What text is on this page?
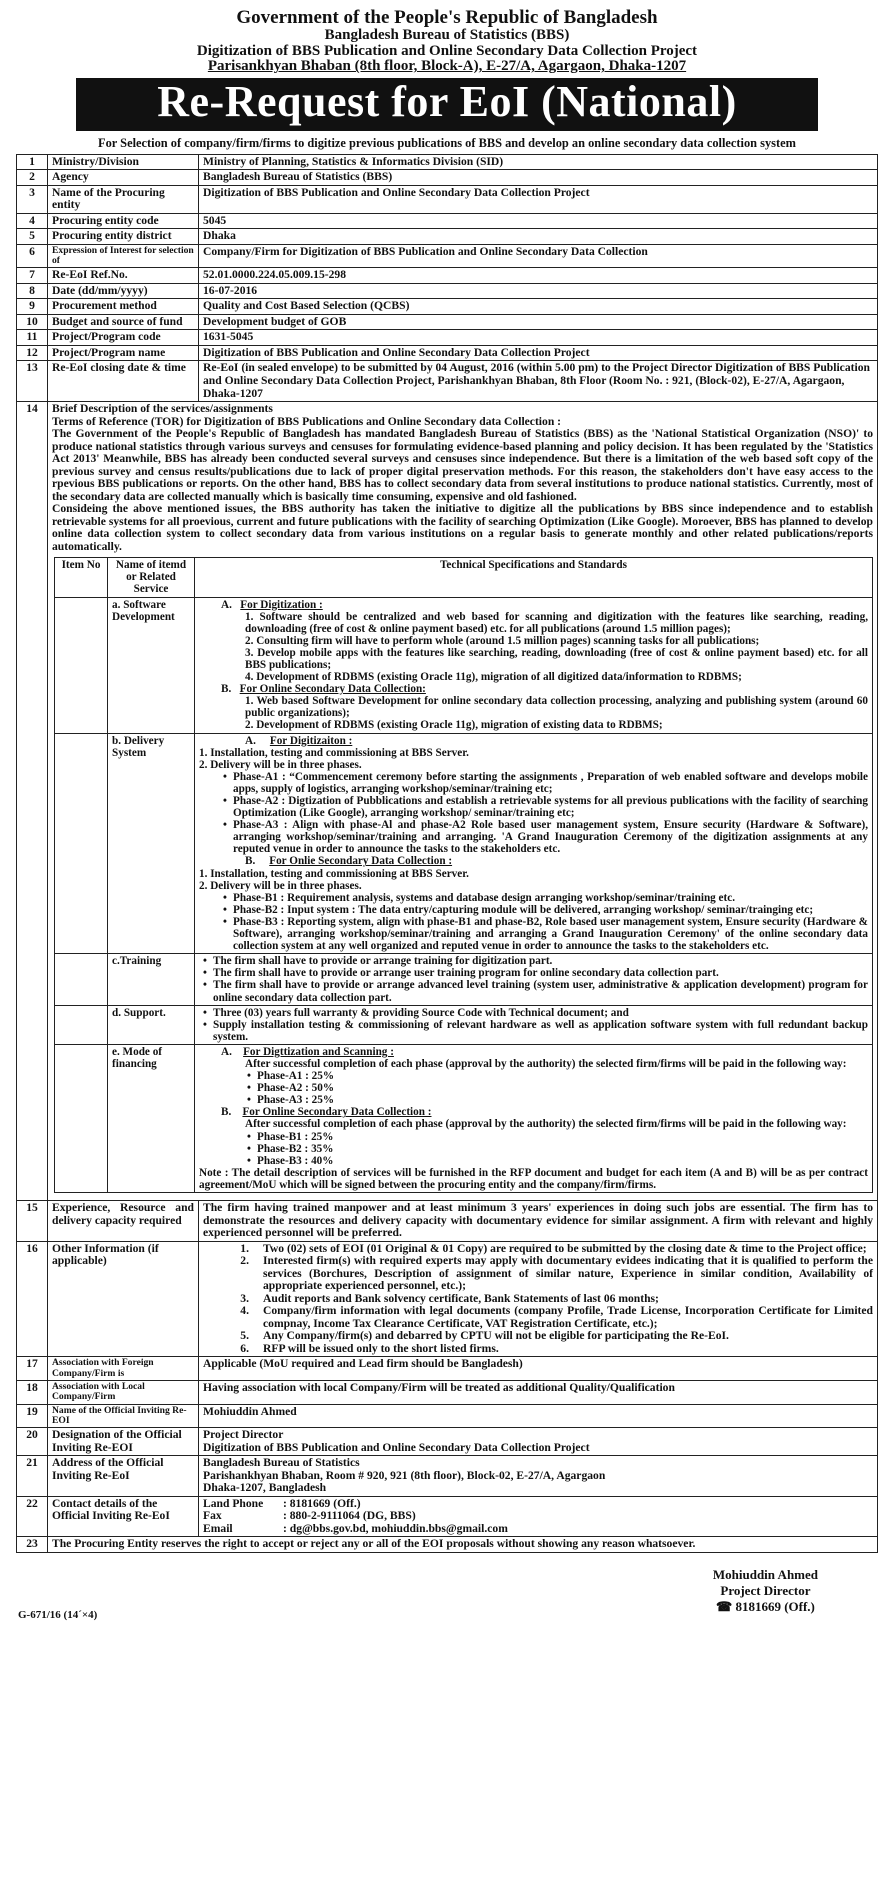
Government of the People's Republic of Bangladesh
Bangladesh Bureau of Statistics (BBS)
Digitization of BBS Publication and Online Secondary Data Collection Project
Parisankhyan Bhaban (8th floor, Block-A), E-27/A, Agargaon, Dhaka-1207
Re-Request for EoI (National)
For Selection of company/firm/firms to digitize previous publications of BBS and develop an online secondary data collection system
1	Ministry/Division	Ministry of Planning, Statistics & Informatics Division (SID)
2	Agency	Bangladesh Bureau of Statistics (BBS)
3	Name of the Procuring entity	Digitization of BBS Publication and Online Secondary Data Collection Project
4	Procuring entity code	5045
5	Procuring entity district	Dhaka
6	Expression of Interest for selection of	Company/Firm for Digitization of BBS Publication and Online Secondary Data Collection
7	Re-EoI Ref.No.	52.01.0000.224.05.009.15-298
8	Date (dd/mm/yyyy)	16-07-2016
9	Procurement method	Quality and Cost Based Selection (QCBS)
10	Budget and source of fund	Development budget of GOB
11	Project/Program code	1631-5045
12	Project/Program name	Digitization of BBS Publication and Online Secondary Data Collection Project
13	Re-EoI closing date & time	Re-EoI (in sealed envelope) to be submitted by 04 August, 2016 (within 5.00 pm) to the Project Director Digitization of BBS Publication and Online Secondary Data Collection Project, Parishankhyan Bhaban, 8th Floor (Room No. : 921, (Block-02), E-27/A, Agargaon, Dhaka-1207
14	Brief Description of the services/assignments
Terms of Reference (TOR) for Digitization of BBS Publications and Online Secondary data Collection :

The Government of the People's Republic of Bangladesh has mandated Bangladesh Bureau of Statistics (BBS) as the 'National Statistical Organization (NSO)' to produce national statistics through various surveys and censuses for formulating evidence-based planning and policy decision. It has been regulated by the 'Statistics Act 2013' Meanwhile, BBS has already been conducted several surveys and censuses since independence. But there is a limitation of the web based soft copy of the previous survey and census results/publications due to lack of proper digital preservation methods. For this reason, the stakeholders don't have easy access to the rpevious BBS publications or reports. On the other hand, BBS has to collect secondary data from several institutions to produce national statistics. Currently, most of the secondary data are collected manually which is basically time consuming, expensive and old fashioned.

Consideing the above mentioned issues, the BBS authority has taken the initiative to digitize all the publications by BBS since independence and to establish retrievable systems for all proevious, current and future publications with the facility of searching Optimization (Like Google). Moroever, BBS has planned to develop online data collection system to collect secondary data from various institutions on a regular basis to generate monthly and other related publications/reports automatically.

Item No	Name of itemd or Related Service	Technical Specifications and Standards
	a. Software Development	
A. For Digitization :
1. Software should be centralized and web based for scanning and digitization with the features like searching, reading, downloading (free of cost & online payment based) etc. for all publications (around 1.5 million pages);
2. Consulting firm will have to perform whole (around 1.5 million pages) scanning tasks for all publications;
3. Develop mobile apps with the features like searching, reading, downloading (free of cost & online payment based) etc. for all BBS publications;
4. Development of RDBMS (existing Oracle 11g), migration of all digitized data/information to RDBMS;
B. For Online Secondary Data Collection:
1. Web based Software Development for online secondary data collection processing, analyzing and publishing system (around 60 public organizations);
2. Development of RDBMS (existing Oracle 11g), migration of existing data to RDBMS;

	b. Delivery System	
A. For Digitizaiton :
1. Installation, testing and commissioning at BBS Server.
2. Delivery will be in three phases.
• Phase-A1 : “Commencement ceremony before starting the assignments , Preparation of web enabled software and develops mobile apps, supply of logistics, arranging workshop/seminar/training etc;
• Phase-A2 : Digtization of Pubblications and establish a retrievable systems for all previous publications with the facility of searching Optimization (Like Google), arranging workshop/ seminar/training etc;
• Phase-A3 : Align with phase-Al and phase-A2 Role based user management system, Ensure security (Hardware & Software), arranging workshop/seminar/training and arranging. 'A Grand Inauguration Ceremony of the digitization assignments at any reputed venue in order to announce the tasks to the stakeholders etc.
B. For Onlie Secondary Data Collection :
1. Installation, testing and commissioning at BBS Server.
2. Delivery will be in three phases.
• Phase-B1 : Requirement analysis, systems and database design arranging workshop/seminar/training etc.
• Phase-B2 : Input system : The data entry/capturing module will be delivered, arranging workshop/ seminar/trainging etc;
• Phase-B3 : Reporting system, align with phase-B1 and phase-B2, Role based user management system, Ensure security (Hardware & Software), arranging workshop/seminar/training and arranging a Grand Inauguration Ceremony' of the online secondary data collection system at any well organized and reputed venue in order to announce the tasks to the stakeholders etc.

	c.Training	
•The firm shall have to provide or arrange training for digitization part.
• The firm shall have to provide or arrange user training program for online secondary data collection part.
• The firm shall have to provide or arrange advanced level training (system user, administrative & application development) program for online secondary data collection part.

	d. Support.	
•Three (03) years full warranty & providing Source Code with Technical document; and
• Supply installation testing & commissioning of relevant hardware as well as application software system with full redundant backup system.

	e. Mode of financing	
A. For Digttization and Scanning :
After successful completion of each phase (approval by the authority) the selected firm/firms will be paid in the following way:
• Phase-A1 : 25%
• Phase-A2 : 50%
• Phase-A3 : 25%
B. For Online Secondary Data Collection :
After successful completion of each phase (approval by the authority) the selected firm/firms will be paid in the following way:
• Phase-B1 : 25%
• Phase-B2 : 35%
• Phase-B3 : 40%
Note : The detail description of services will be furnished in the RFP document and budget for each item (A and B) will be as per contract agreement/MoU which will be signed between the procuring entity and the company/firm/firms.

15	Experience, Resource and delivery capacity required	The firm having trained manpower and at least minimum 3 years' experiences in doing such jobs are essential. The firm has to demonstrate the resources and delivery capacity with documentary evidence for similar assignment. A firm with relevant and highly experienced personnel will be preferred.
16	Other Information (if applicable)	
1.	Two (02) sets of EOI (01 Original & 01 Copy) are required to be submitted by the closing date & time to the Project office;
2.	Interested firm(s) with required experts may apply with documentary evidees indicating that it is qualified to perform the services (Borchures, Description of assignment of similar nature, Experience in similar condition, Availability of appropriate experienced personnel, etc.);
3.	Audit reports and Bank solvency certificate, Bank Statements of last 06 months;
4.	Company/firm information with legal documents (company Profile, Trade License, Incorporation Certificate for Limited compnay, Income Tax Clearance Certificate, VAT Registration Certificate, etc.);
5.	Any Company/firm(s) and debarred by CPTU will not be eligible for participating the Re-EoI.
6.	RFP will be issued only to the short listed firms.

17	Association with Foreign Company/Firm is	Applicable (MoU required and Lead firm should be Bangladesh)
18	Association with Local Company/Firm	Having association with local Company/Firm will be treated as additional Quality/Qualification
19	Name of the Official Inviting Re-EOI	Mohiuddin Ahmed
20	Designation of the Official Inviting Re-EOI	
Project Director
Digitization of BBS Publication and Online Secondary Data Collection Project

21	Address of the Official Inviting Re-EoI	
Bangladesh Bureau of Statistics
Parishankhyan Bhaban, Room # 920, 921 (8th floor), Block-02, E-27/A, Agargaon
Dhaka-1207, Bangladesh

22	Contact details of the Official Inviting Re-EoI	
Land Phone	: 8181669 (Off.)
Fax	: 880-2-9111064 (DG, BBS)
Email	: dg@bbs.gov.bd, mohiuddin.bbs@gmail.com

23	The Procuring Entity reserves the right to accept or reject any or all of the EOI proposals without showing any reason whatsoever.
G-671/16 (14´×4)
Mohiuddin Ahmed
Project Director
☎ 8181669 (Off.)
